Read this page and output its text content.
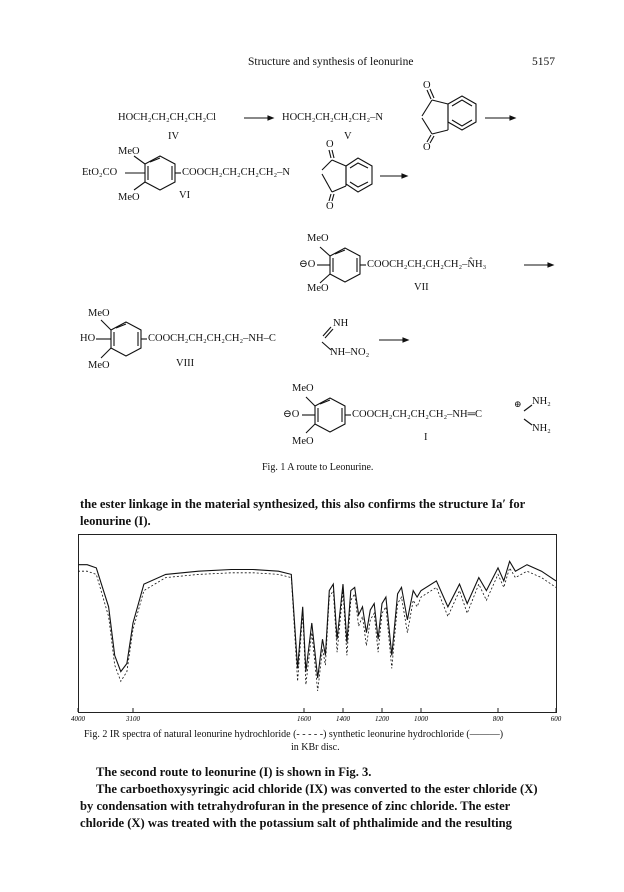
Structure and synthesis of leonurine	5157
HOCH₂CH₂CH₂CH₂Cl
IV
HOCH₂CH₂CH₂CH₂–N
V
O
O
MeO
EtO₂CO
MeO
COOCH₂CH₂CH₂CH₂–N
VI
O
O
MeO
⊖O
MeO
COOCH₂CH₂CH₂CH₂–N̂H₃
VII
MeO
HO
MeO
COOCH₂CH₂CH₂CH₂–NH–C
NH
NH–NO₂
VIII
MeO
⊖O
MeO
COOCH₂CH₂CH₂CH₂–NH═C
⊕ NH₂
NH₂
I
Fig. 1 A route to Leonurine.
the ester linkage in the material synthesized, this also confirms the structure Ia′ for leonurine (I).
4000	3100	1600	1400	1200	1000	800	600
Fig. 2 IR spectra of natural leonurine hydrochloride (- - - - -) synthetic leonurine hydrochloride (———)
in KBr disc.
The second route to leonurine (I) is shown in Fig. 3.
The carboethoxysyringic acid chloride (IX) was converted to the ester chloride (X)
by condensation with tetrahydrofuran in the presence of zinc chloride. The ester
chloride (X) was treated with the potassium salt of phthalimide and the resulting
